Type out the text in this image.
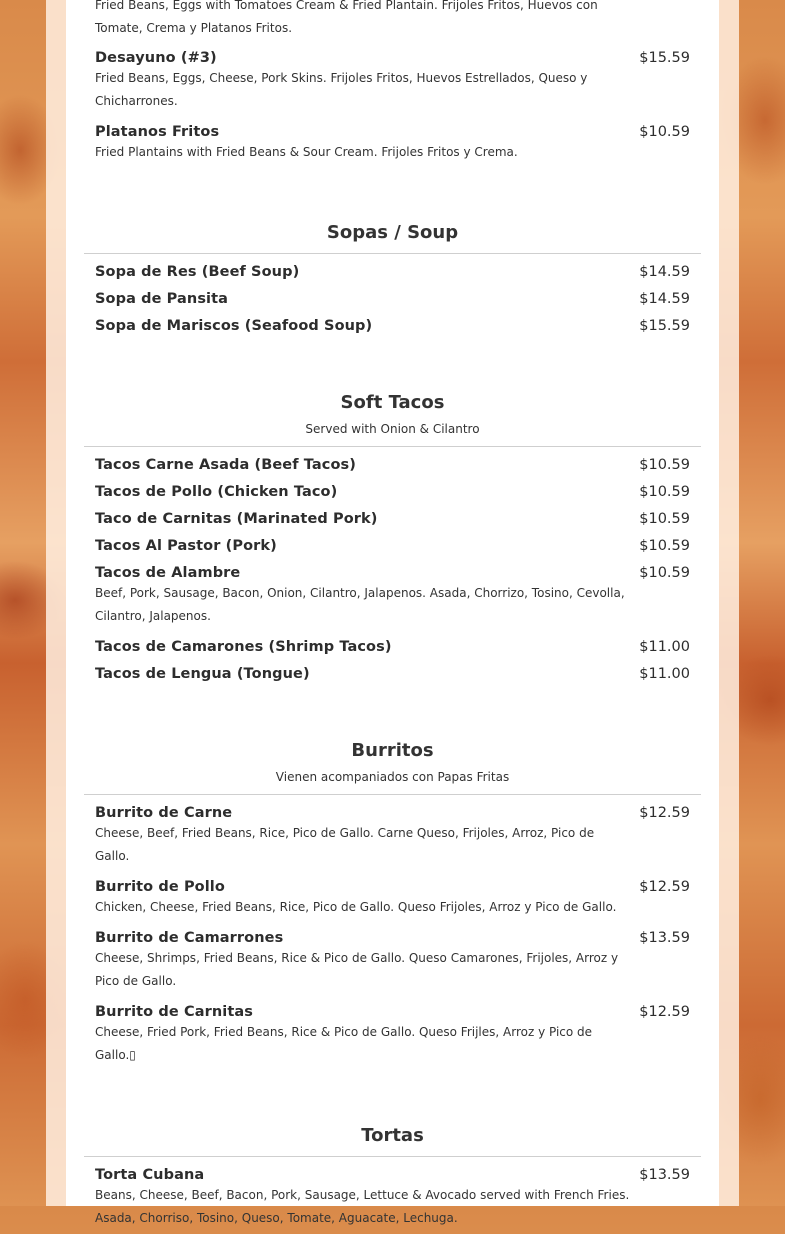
Fried Beans, Eggs with Tomatoes Cream & Fried Plantain. Frijoles Fritos, Huevos con Tomate, Crema y Platanos Fritos.
Desayuno (#3)	$15.59
Fried Beans, Eggs, Cheese, Pork Skins. Frijoles Fritos, Huevos Estrellados, Queso y Chicharrones.
Platanos Fritos	$10.59
Fried Plantains with Fried Beans & Sour Cream. Frijoles Fritos y Crema.
Sopas / Soup
Sopa de Res (Beef Soup)	$14.59
Sopa de Pansita	$14.59
Sopa de Mariscos (Seafood Soup)	$15.59
Soft Tacos
Served with Onion & Cilantro
Tacos Carne Asada (Beef Tacos)	$10.59
Tacos de Pollo (Chicken Taco)	$10.59
Taco de Carnitas (Marinated Pork)	$10.59
Tacos Al Pastor (Pork)	$10.59
Tacos de Alambre	$10.59
Beef, Pork, Sausage, Bacon, Onion, Cilantro, Jalapenos. Asada, Chorrizo, Tosino, Cevolla, Cilantro, Jalapenos.
Tacos de Camarones (Shrimp Tacos)	$11.00
Tacos de Lengua (Tongue)	$11.00
Burritos
Vienen acompaniados con Papas Fritas
Burrito de Carne	$12.59
Cheese, Beef, Fried Beans, Rice, Pico de Gallo. Carne Queso, Frijoles, Arroz, Pico de Gallo.
Burrito de Pollo	$12.59
Chicken, Cheese, Fried Beans, Rice, Pico de Gallo. Queso Frijoles, Arroz y Pico de Gallo.
Burrito de Camarrones	$13.59
Cheese, Shrimps, Fried Beans, Rice & Pico de Gallo. Queso Camarones, Frijoles, Arroz y Pico de Gallo.
Burrito de Carnitas	$12.59
Cheese, Fried Pork, Fried Beans, Rice & Pico de Gallo. Queso Frijles, Arroz y Pico de Gallo.▯
Tortas
Torta Cubana	$13.59
Beans, Cheese, Beef, Bacon, Pork, Sausage, Lettuce & Avocado served with French Fries. Asada, Chorriso, Tosino, Queso, Tomate, Aguacate, Lechuga.
